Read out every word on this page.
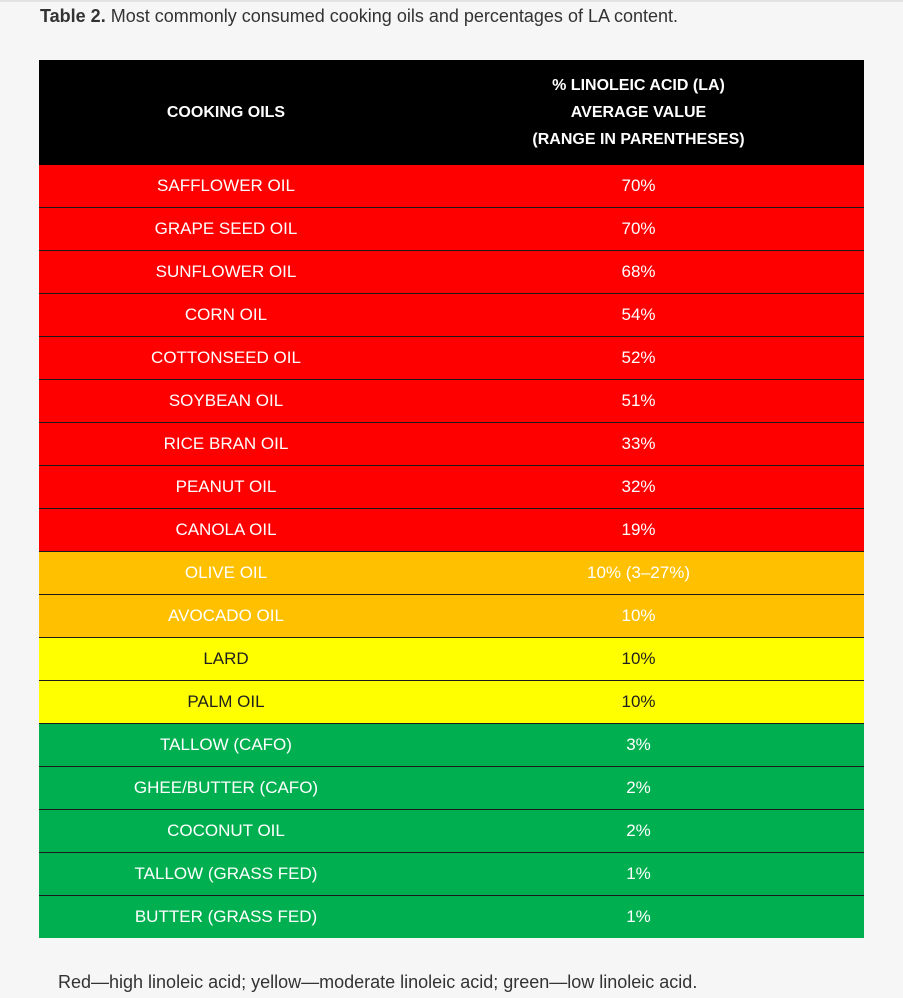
Table 2. Most commonly consumed cooking oils and percentages of LA content.
COOKING OILS	% LINOLEIC ACID (LA)
AVERAGE VALUE
(RANGE IN PARENTHESES)
SAFFLOWER OIL	70%
GRAPE SEED OIL	70%
SUNFLOWER OIL	68%
CORN OIL	54%
COTTONSEED OIL	52%
SOYBEAN OIL	51%
RICE BRAN OIL	33%
PEANUT OIL	32%
CANOLA OIL	19%
OLIVE OIL	10% (3–27%)
AVOCADO OIL	10%
LARD	10%
PALM OIL	10%
TALLOW (CAFO)	3%
GHEE/BUTTER (CAFO)	2%
COCONUT OIL	2%
TALLOW (GRASS FED)	1%
BUTTER (GRASS FED)	1%
Red—high linoleic acid; yellow—moderate linoleic acid; green—low linoleic acid.
